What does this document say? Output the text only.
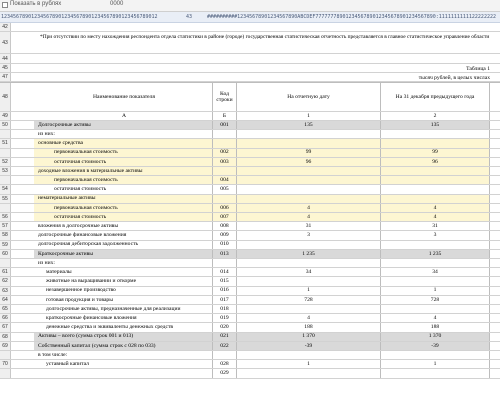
Показать в рублях	0000
1234567890123456789012345678901234567890123456789012	43	##########12345678901234567890ABCDEF7777777890123456789012345678901234567890:1111111111122222222
42
43
*При отсутствии по месту нахождения респондента отдела статистики в районе (городе) государственная статистическая отчетность представляется в главное статистическое управление области
44
45	Таблица 1
47	тысяч рублей, в целых числах
48	Наименование показателя
Код строки
На отчетную дату	На 31 декабря предыдущего года
49	A	Б	1	2
50	Долгосрочные активы	001	135	135
из них:
51	основные средства
первоначальная стоимость	002	99	99
52	остаточная стоимость	003	96	96
53	доходные вложения в материальные активы
первоначальная стоимость	004
54	остаточная стоимость	005
55	нематериальные активы
первоначальная стоимость	006	4	4
56	остаточная стоимость	007	4	4
57	вложения в долгосрочные активы	008	31	31
58	долгосрочные финансовые вложения	009	3	3
59	долгосрочная дебиторская задолженность	010
60	Краткосрочные активы	013	1 235	1 235
из них:
61	материалы	014	34	34
62	животные на выращивании и откорме	015
63	незавершенное производство	016	1	1
64	готовая продукция и товары	017	728	728
65	долгосрочные активы, предназначенные для реализации	018
66	краткосрочные финансовые вложения	019	4	4
67	денежные средства и эквиваленты денежных средств	020	188	188
68	Активы – всего (сумма строк 001 и 013)	021	1 370	1 370
69	Собственный капитал (сумма строк с 028 по 033)	022	-39	-39
в том числе:
70	уставный капитал	028	1	1
029
